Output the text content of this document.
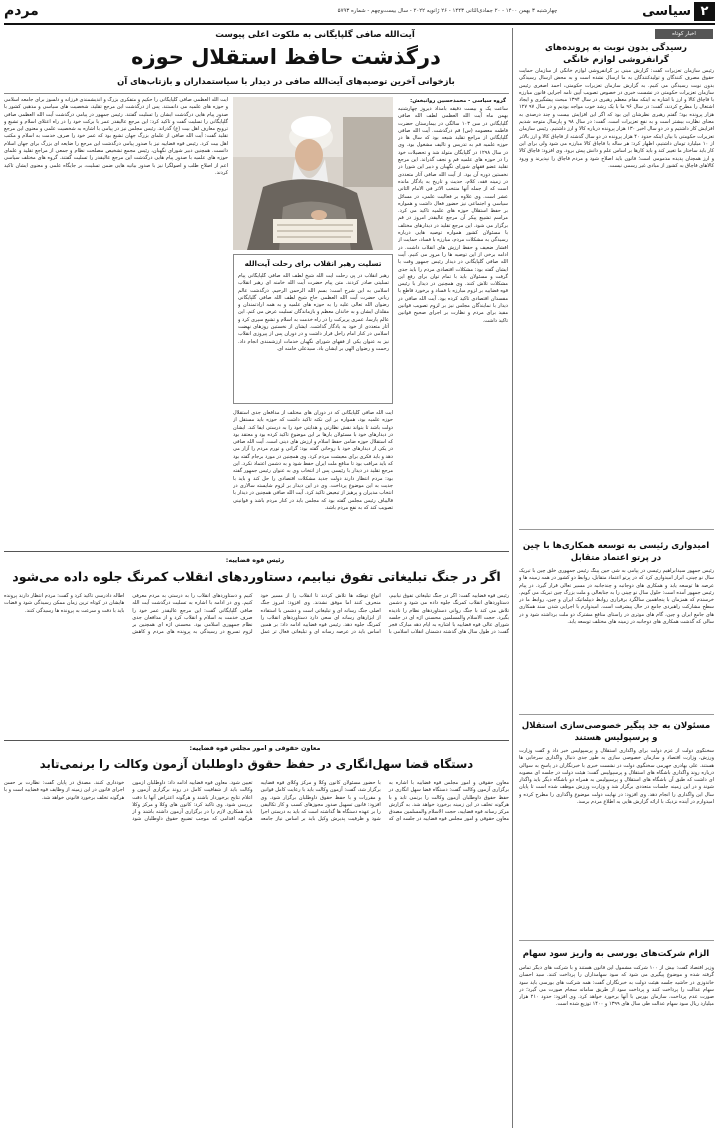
مردم	چهارشنبه ۳ بهمن ۱۴۰۰ - ۲۰ جمادی‌الثانی ۱۴۴۳ - ۲۶ ژانویه ۲۰۲۲ - سال بیست‌وچهم - شماره ۵۷۹۳	سیاسی ۲
اخبار کوتاه
رسیدگی بدون نوبت به پرونده‌های گرانفروشی لوازم خانگی
رئیس سازمان تعزیرات گفت: گزارش مبنی بر گرانفروشی لوازم خانگی از سازمان حمایت حقوق مصرف کنندگان و تولیدکنندگان به ما ارسال نشده است و به محض ارسال رسیدگی بدون نوبت رسیدگی می کنیم. به گزارش سازمان تعزیرات حکومتی، احمد اصغری رئیس سازمان تعزیرات حکومتی در نشست خبری در خصوص تصویب آیین نامه اجرایی قانون مبارزه با قاچاق کالا و ارز با اشاره به اینکه مقام معظم رهبری در سال ۱۳۹۴ مبحث پیشگیری و ایجاد اشتغال را مطرح کردند، گفت: در سال ۹۶ ما با یک رشد خوب مواجه بودیم و در سال ۹۷ ۱۲۷ هزار پرونده بود؛ گفتم رهبری نظرشان این بود که اگر این افزایش بیست و چند درصدی به معنای نظارت بیشتر است و به نفع تعزیرات است. گفت: در سال ۹۸ و پارسال متوجه شدیم افزایش کار داشتیم و در دو سال اخیر ۱۳۰ هزار پرونده درباره کالا و ارز داشتیم. رئیس سازمان تعزیرات حکومتی با بیان اینکه حدود ۴۰ هزار پرونده در دو سال گذشته از قاچاق کالا و ارز بالاتر از ۱۰ میلیارد تومان داشتیم، اظهار کرد: هر ساله با قاچاق کالا مبارزه می شود ولی برای این کار باید ساختار ما تغییر کند و باید کارها بر اساس علم و دانش پیش برود. وی افزود: قاچاق کالا و ارز همچنان پدیده مذمومی است؛ قانون باید اصلاح شود و مردم قاچاق را نپذیرند و ورود کالاهای قاچاق به کشور از مبادی غیر رسمی نیست.
امیدواری رئیسی به توسعه همکاری‌ها با چین در پرتو اعتماد متقابل
رئیس جمهور سیدابراهیم رئیسی در پیامی به شی جین پینگ رئیس جمهوری خلق چین با تبریک سال نو چینی، ابراز امیدواری کرد که در پرتو اعتماد متقابل، روابط دو کشور در همه زمینه ها و عرصه ها توسعه یابد و همکاری های دوجانبه و چندجانبه در مسیر تعالی قرار گیرد. در پیام رئیس جمهور آمده است: حلول سال نو چینی را به جنابعالی و ملت بزرگ چین تبریک می گویم. خرسندم که همزمان با پنجاهمین سالگرد برقراری روابط دیپلماتیک ایران و چین، روابط ما در سطح مشارکت راهبردی جامع در حال پیشرفت است. امیدوارم با اجرایی شدن سند همکاری های جامع ایران و چین، گام های موثری در راستای منافع مشترک دو ملت برداشته شود و در سالی که گذشت همکاری های دوجانبه در زمینه های مختلف توسعه یابد.
مسئولان به جد پیگیر خصوصی‌سازی استقلال و پرسپولیس هستند
سخنگوی دولت از عزم دولت برای واگذاری استقلال و پرسپولیس خبر داد و گفت وزارت ورزش، وزارت اقتصاد و سازمان خصوصی سازی به طور جدی دنبال واگذاری سرخابی ها هستند. علی بهادری جهرمی سخنگوی دولت در نشست خبری با خبرنگاران در پاسخ به سوالی درباره روند واگذاری باشگاه های استقلال و پرسپولیس گفت: هیئت دولت در جلسه ای مصوبه ای داشت که طبق آن باشگاه های استقلال و پرسپولیس به همراه دو باشگاه دیگر باید واگذار شوند و در این زمینه جلسات متعددی برگزار شد و وزارت ورزش موظف شده است تا پایان سال این واگذاری را انجام دهد. وی افزود: در نهایت دولت موضوع واگذاری را مطرح کرده و امیدوارم در آینده نزدیک با ارائه گزارش هایی به اطلاع مردم برسد.
الزام شرکت‌های بورسی به واریز سود سهام
وزیر اقتصاد گفت: بیش از ۱۰۰ شرکت مشمول این قانون هستند و با شرکت های دیگر تماس گرفته شده و موضوع پیگیری می شود که سود سهامداران را پرداخت کنند. سید احسان خاندوزی در حاشیه جلسه هیئت دولت به خبرنگاران گفت: همه شرکت های بورسی باید سود سهام عدالت را پرداخت کنند و پرداخت سود از طریق سامانه سجام صورت می گیرد؛ در صورت عدم پرداخت، سازمان بورس با آنها برخورد خواهد کرد. وی افزود: حدود ۲۱۰ هزار میلیارد ریال سود سهام عدالت طی سال های ۱۳۹۹ و ۱۴۰۰ توزیع شده است.
آیت‌الله صافی گلپایگانی به ملکوت اعلی پیوست
درگذشت حافظ استقلال حوزه
بازخوانی آخرین توصیه‌های آیت‌الله صافی در دیدار با سیاستمداران و بازتاب‌های آن
گروه سیاسی - محمدحسین روانبخش:
ساعت یک و بیست دقیقه بامداد دیروز چهارشنبه بهمن ماه آیت الله العظمی لطف الله صافی گلپایگانی در سن ۱۰۳ سالگی در بیمارستان حضرت فاطمه معصومه (س) قم درگذشت. آیت الله صافی گلپایگانی از مراجع تقلید شیعه بود که سال ها در حوزه علمیه قم به تدریس و تالیف مشغول بود. وی در سال ۱۲۹۸ در گلپایگان متولد شد و تحصیلات خود را در حوزه های علمیه قم و نجف گذراند. این مرجع تقلید عضو فقهای شورای نگهبان و دبیر این شورا در نخستین دوره آن بود. از آیت الله صافی آثار متعددی در زمینه فقه، کلام، حدیث و تاریخ به یادگار مانده است که از جمله آنها منتخب الاثر فی الامام الثانی عشر است. وی علاوه بر فعالیت علمی، در مسائل سیاسی و اجتماعی نیز حضور فعال داشت و همواره بر حفظ استقلال حوزه های علمیه تاکید می کرد. مراسم تشییع پیکر آن مرجع عالیقدر امروز در قم برگزار می شود. این مرجع تقلید در دیدارهای مختلف با مسئولان کشور همواره توصیه هایی درباره رسیدگی به مشکلات مردم، مبارزه با فساد، حمایت از اقشار ضعیف و حفظ ارزش های انقلاب داشت. در ادامه برخی از این توصیه ها را مرور می کنیم. آیت الله صافی گلپایگانی در دیدار رئیس جمهور وقت با ایشان گفته بود: مشکلات اقتصادی مردم را باید جدی گرفت و مسئولان باید با تمام توان برای رفع این مشکلات تلاش کنند. وی همچنین در دیدار با رئیس قوه قضاییه بر لزوم مبارزه با فساد و برخورد قاطع با مفسدان اقتصادی تاکید کرده بود. آیت الله صافی در دیدار با نمایندگان مجلس نیز بر لزوم تصویب قوانین مفید برای مردم و نظارت بر اجرای صحیح قوانین تاکید داشت.
آیت الله العظمی صافی گلپایگانی را حکیم و متفکری بزرگ و اندیشمندی فرزانه و دلسوز برای جامعه اسلامی و حوزه های علمیه می دانستند. پس از درگذشت این مرجع تقلید، شخصیت های سیاسی و مذهبی کشور با صدور پیام هایی درگذشت ایشان را تسلیت گفتند. رئیس جمهور در پیامی درگذشت آیت الله العظمی صافی گلپایگانی را تسلیت گفت و تاکید کرد: این مرجع عالیقدر عمر با برکت خود را در راه اعتلای اسلام و تشیع و ترویج معارف اهل بیت (ع) گذراند. رئیس مجلس نیز در پیامی با اشاره به شخصیت علمی و معنوی این مرجع تقلید گفت: آیت الله صافی از علمای بزرگ جهان تشیع بود که عمر خود را صرف خدمت به اسلام و مکتب اهل بیت کرد. رئیس قوه قضاییه نیز با صدور پیامی درگذشت این مرجع را ضایعه ای بزرگ برای جهان اسلام دانست. همچنین دبیر شورای نگهبان، رئیس مجمع تشخیص مصلحت نظام و جمعی از مراجع تقلید و علمای حوزه های علمیه با صدور پیام هایی درگذشت این مرجع عالیقدر را تسلیت گفتند. گروه های مختلف سیاسی اعم از اصلاح طلب و اصولگرا نیز با صدور بیانیه هایی ضمن تسلیت، بر جایگاه علمی و معنوی ایشان تاکید کردند.
تسلیت رهبر انقلاب برای رحلت آیت‌الله
رهبر انقلاب در پی رحلت آیت الله شیخ لطف الله صافی گلپایگانی پیام تسلیتی صادر کردند. متن پیام حضرت آیت الله خامنه ای رهبر انقلاب اسلامی به این شرح است: بسم الله الرحمن الرحیم. درگذشت عالم ربانی حضرت آیت الله العظمی حاج شیخ لطف الله صافی گلپایگانی رضوان الله تعالی علیه را به حوزه های علمیه و به همه ارادتمندان و مقلدان ایشان و به خاندان معظم و بازماندگان تسلیت عرض می کنم. این عالم پارسا، عمری پربرکت را در راه خدمت به اسلام و تشیع سپری کرد و آثار متعددی از خود به یادگار گذاشت. ایشان از نخستین روزهای نهضت اسلامی در کنار امام راحل قرار داشت و در دوران پس از پیروزی انقلاب نیز به عنوان یکی از فقهای شورای نگهبان خدمات ارزشمندی انجام داد. رحمت و رضوان الهی بر ایشان باد. سیدعلی خامنه ای.
آیت الله صافی گلپایگانی که در دوران های مختلف از مدافعان جدی استقلال حوزه علمیه بود، همواره بر این نکته تاکید داشت که حوزه باید مستقل از دولت باشد تا بتواند نقش نظارتی و هدایتی خود را به درستی ایفا کند. ایشان در دیدارهای خود با مسئولان بارها بر این موضوع تاکید کرده بود و معتقد بود که استقلال حوزه ضامن حفظ اسلام و ارزش های دینی است. آیت الله صافی در یکی از دیدارهای خود با روحانی گفته بود: گرانی و تورم مردم را آزار می دهد و باید فکری برای معیشت مردم کرد. وی همچنین در مورد برجام گفته بود که باید مراقب بود تا منافع ملت ایران حفظ شود و به دشمن اعتماد نکرد. این مرجع تقلید در دیدار با رئیسی پس از انتخاب وی به عنوان رئیس جمهور گفته بود: مردم انتظار دارند دولت جدید مشکلات اقتصادی را حل کند و باید با جدیت به این موضوع پرداخت. وی در این دیدار بر لزوم شایسته سالاری در انتخاب مدیران و پرهیز از تبعیض تاکید کرد. آیت الله صافی همچنین در دیدار با قالیباف رئیس مجلس گفته بود که مجلس باید در کنار مردم باشد و قوانینی تصویب کند که به نفع مردم باشد.
رئیس قوه قضاییه:
اگر در جنگ تبلیغاتی تفوق نیابیم، دستاوردهای انقلاب کمرنگ جلوه داده می‌شود
رئیس قوه قضاییه گفت: اگر در جنگ تبلیغاتی تفوق نیابیم، دستاوردهای انقلاب کمرنگ جلوه داده می شود و دشمن تلاش می کند با جنگ روانی دستاوردهای نظام را نادیده بگیرد. حجت الاسلام والمسلمین محسنی اژه ای در جلسه شورای عالی قوه قضاییه با اشاره به ایام دهه مبارک فجر گفت: در طول سال های گذشته دشمنان انقلاب اسلامی با انواع توطئه ها تلاش کردند تا انقلاب را از مسیر خود منحرف کنند اما موفق نشدند. وی افزود: امروز جنگ اصلی جنگ رسانه ای و تبلیغاتی است و دشمن با استفاده از ابزارهای رسانه ای سعی دارد دستاوردهای انقلاب را کمرنگ جلوه دهد. رئیس قوه قضاییه ادامه داد: بر همین اساس باید در عرصه رسانه ای و تبلیغاتی فعال تر عمل کنیم و دستاوردهای انقلاب را به درستی به مردم معرفی کنیم. وی در ادامه با اشاره به تسلیت درگذشت آیت الله صافی گلپایگانی گفت: این مرجع عالیقدر عمر خود را صرف خدمت به اسلام و انقلاب کرد و از مدافعان جدی نظام جمهوری اسلامی بود. محسنی اژه ای همچنین بر لزوم تسریع در رسیدگی به پرونده های مردم و کاهش اطاله دادرسی تاکید کرد و گفت: مردم انتظار دارند پرونده هایشان در کوتاه ترین زمان ممکن رسیدگی شود و قضات باید با دقت و سرعت به پرونده ها رسیدگی کنند.
معاون حقوقی و امور مجلس قوه قضاییه:
دستگاه قضا سهل‌انگاری در حفظ حقوق داوطلبان آزمون وکالت را برنمی‌تابد
معاون حقوقی و امور مجلس قوه قضاییه با اشاره به برگزاری آزمون وکالت گفت: دستگاه قضا سهل انگاری در حفظ حقوق داوطلبان آزمون وکالت را برنمی تابد و با هرگونه تخلف در این زمینه برخورد خواهد شد. به گزارش مرکز رسانه قوه قضاییه، حجت الاسلام والمسلمین مصدق معاون حقوقی و امور مجلس قوه قضاییه در جلسه ای که با حضور مسئولان کانون وکلا و مرکز وکلای قوه قضاییه برگزار شد، گفت: آزمون وکالت باید با رعایت کامل قوانین و مقررات و با حفظ حقوق داوطلبان برگزار شود. وی افزود: قانون تسهیل صدور مجوزهای کسب و کار تکالیفی را بر عهده دستگاه ها گذاشته است که باید به درستی اجرا شود و ظرفیت پذیرش وکیل باید بر اساس نیاز جامعه تعیین شود. معاون قوه قضاییه ادامه داد: داوطلبان آزمون وکالت باید از شفافیت کامل در روند برگزاری آزمون و اعلام نتایج برخوردار باشند و هرگونه اعتراض آنها با دقت بررسی شود. وی تاکید کرد: کانون های وکلا و مرکز وکلا باید همکاری لازم را در برگزاری آزمون داشته باشند و از هرگونه اقدامی که موجب تضییع حقوق داوطلبان شود خودداری کنند. مصدق در پایان گفت: نظارت بر حسن اجرای قانون در این زمینه از وظایف قوه قضاییه است و با هرگونه تخلف برخورد قانونی خواهد شد.
